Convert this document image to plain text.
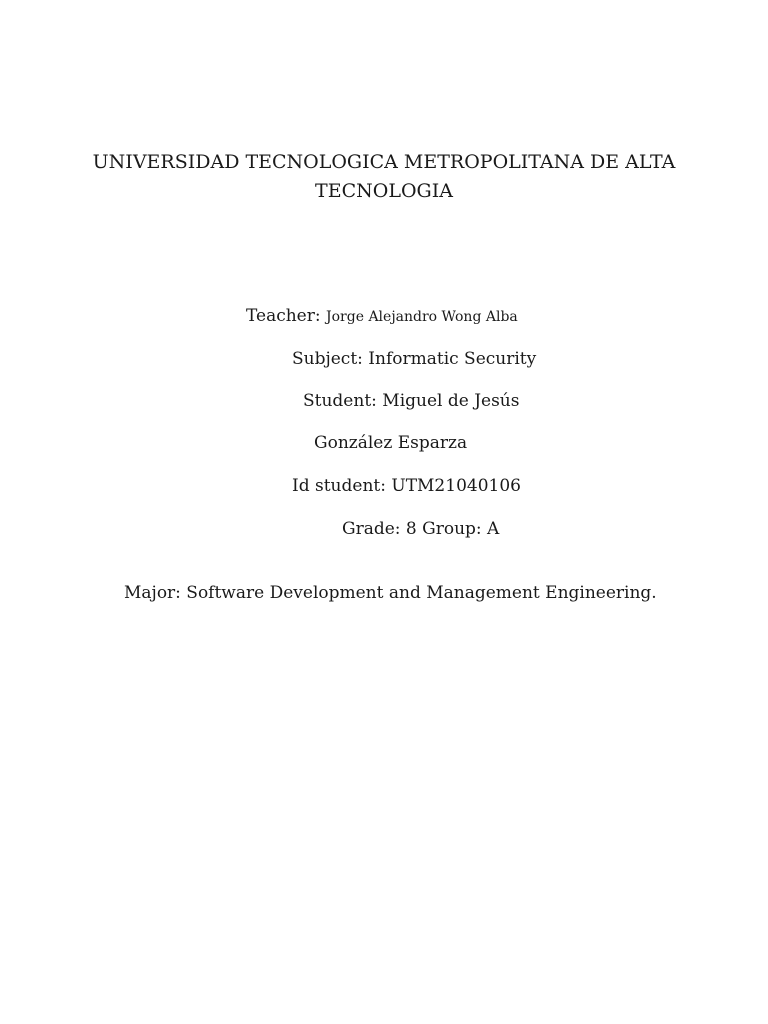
UNIVERSIDAD TECNOLOGICA METROPOLITANA DE ALTA
TECNOLOGIA
Teacher: Jorge Alejandro Wong Alba
Subject: Informatic Security
Student: Miguel de Jesús
González Esparza
Id student: UTM21040106
Grade: 8 Group: A
Major: Software Development and Management Engineering.
